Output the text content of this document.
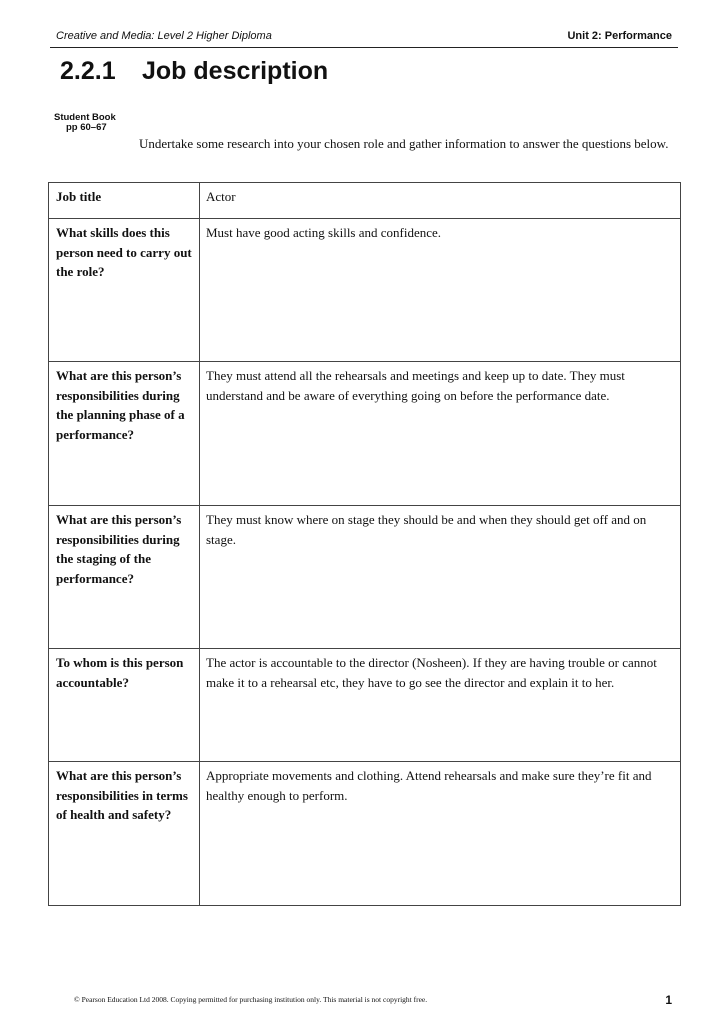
Creative and Media: Level 2 Higher Diploma	Unit 2: Performance
2.2.1 Job description
Student Book
pp 60–67
Undertake some research into your chosen role and gather information to answer the questions below.
Job title	Actor
What skills does this person need to carry out the role?	Must have good acting skills and confidence.
What are this person’s responsibilities during the planning phase of a performance?	They must attend all the rehearsals and meetings and keep up to date. They must understand and be aware of everything going on before the performance date.
What are this person’s responsibilities during the staging of the performance?	They must know where on stage they should be and when they should get off and on stage.
To whom is this person accountable?	The actor is accountable to the director (Nosheen). If they are having trouble or cannot make it to a rehearsal etc, they have to go see the director and explain it to her.
What are this person’s responsibilities in terms of health and safety?	Appropriate movements and clothing. Attend rehearsals and make sure they’re fit and healthy enough to perform.
© Pearson Education Ltd 2008. Copying permitted for purchasing institution only. This material is not copyright free.	1
